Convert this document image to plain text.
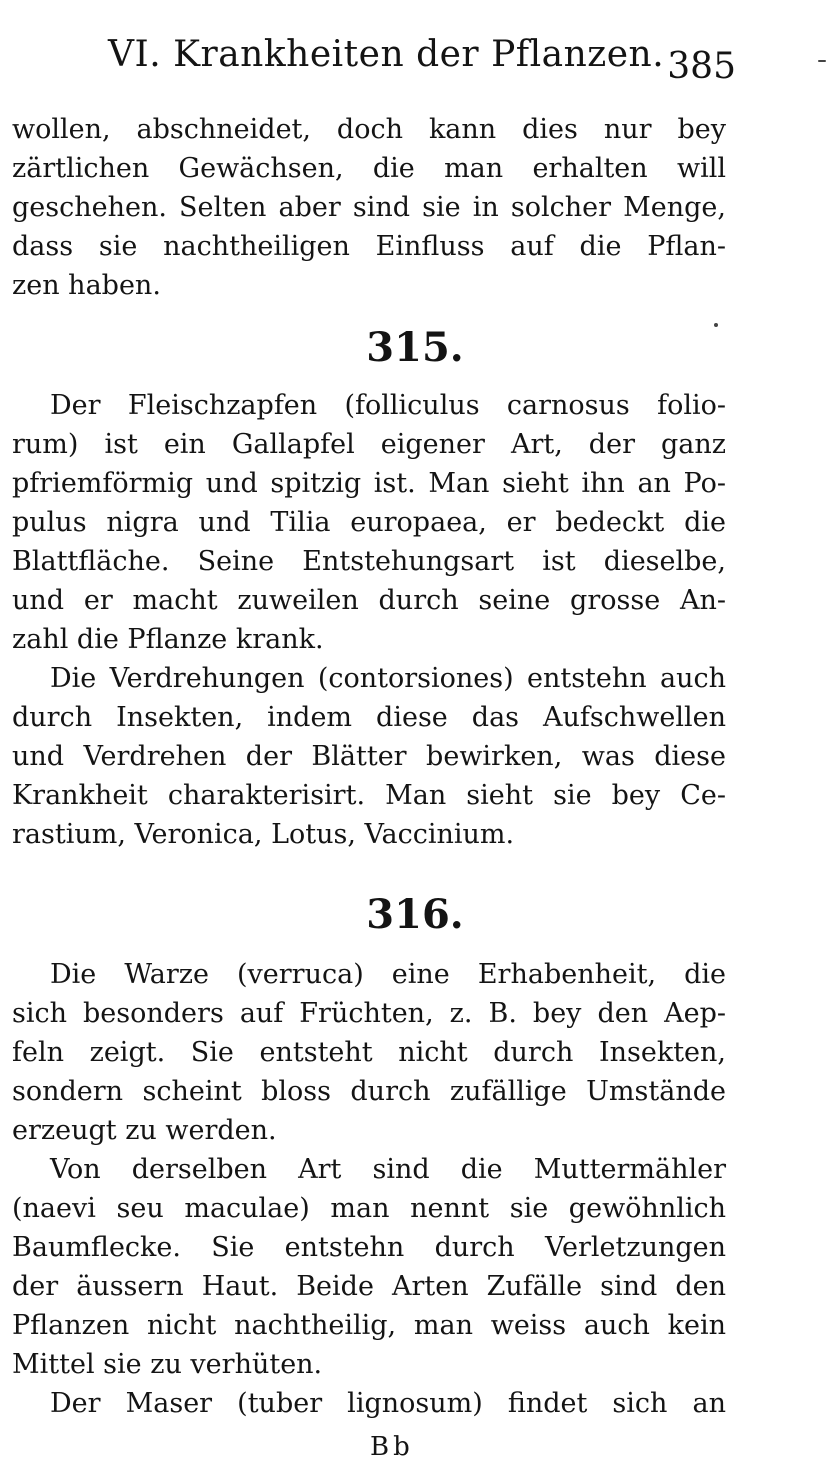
VI. Krankheiten der Pflanzen. 385
wollen, abschneidet, doch kann dies nur bey
zärtlichen Gewächsen, die man erhalten will
geschehen. Selten aber sind sie in solcher Menge,
dass sie nachtheiligen Einfluss auf die Pflan-
zen haben.
315.
Der Fleischzapfen (folliculus carnosus folio-
rum) ist ein Gallapfel eigener Art, der ganz
pfriemförmig und spitzig ist. Man sieht ihn an Po-
pulus nigra und Tilia europaea, er bedeckt die
Blattfläche. Seine Entstehungsart ist dieselbe,
und er macht zuweilen durch seine grosse An-
zahl die Pflanze krank.
Die Verdrehungen (contorsiones) entstehn auch
durch Insekten, indem diese das Aufschwellen
und Verdrehen der Blätter bewirken, was diese
Krankheit charakterisirt. Man sieht sie bey Ce-
rastium, Veronica, Lotus, Vaccinium.
316.
Die Warze (verruca) eine Erhabenheit, die
sich besonders auf Früchten, z. B. bey den Aep-
feln zeigt. Sie entsteht nicht durch Insekten,
sondern scheint bloss durch zufällige Umstände
erzeugt zu werden.
Von derselben Art sind die Muttermähler
(naevi seu maculae) man nennt sie gewöhnlich
Baumflecke. Sie entstehn durch Verletzungen
der äussern Haut. Beide Arten Zufälle sind den
Pflanzen nicht nachtheilig, man weiss auch kein
Mittel sie zu verhüten.
Der Maser (tuber lignosum) findet sich an
Bb
